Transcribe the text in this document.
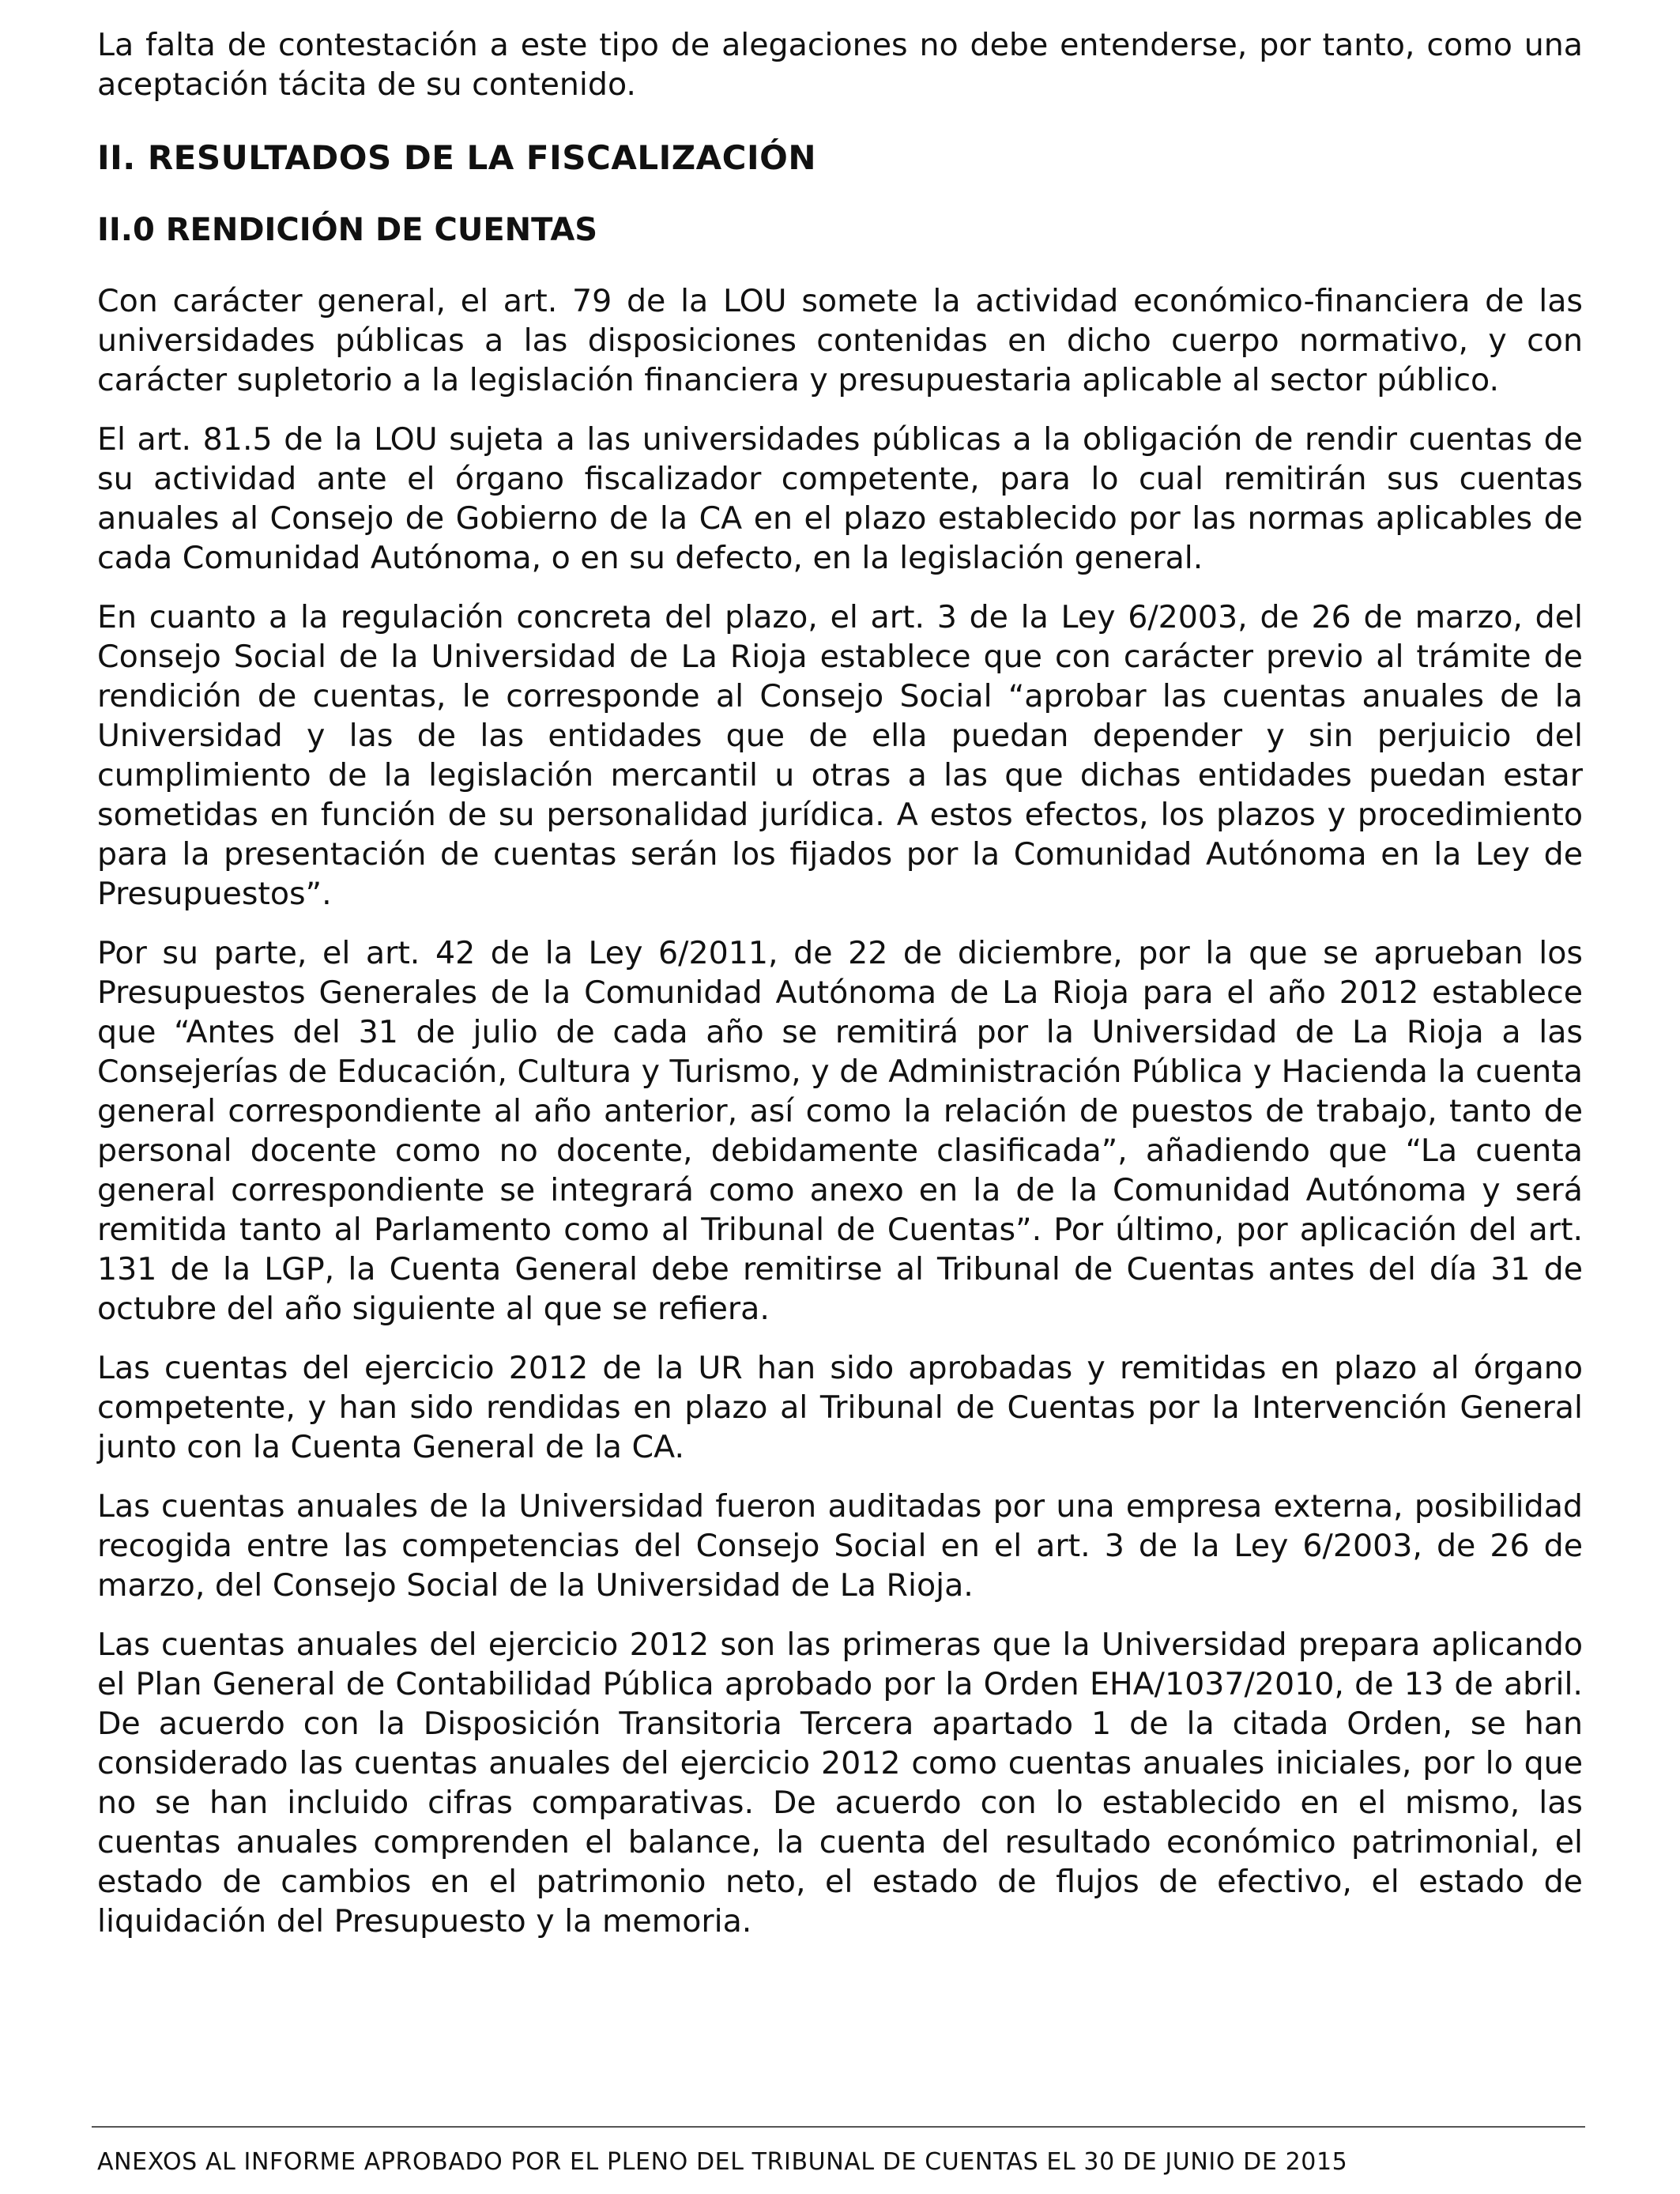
La falta de contestación a este tipo de alegaciones no debe entenderse, por tanto, como una aceptación tácita de su contenido.

II. RESULTADOS DE LA FISCALIZACIÓN
II.0 RENDICIÓN DE CUENTAS

Con carácter general, el art. 79 de la LOU somete la actividad económico-financiera de las universidades públicas a las disposiciones contenidas en dicho cuerpo normativo, y con carácter supletorio a la legislación financiera y presupuestaria aplicable al sector público.

El art. 81.5 de la LOU sujeta a las universidades públicas a la obligación de rendir cuentas de su actividad ante el órgano fiscalizador competente, para lo cual remitirán sus cuentas anuales al Consejo de Gobierno de la CA en el plazo establecido por las normas aplicables de cada Comunidad Autónoma, o en su defecto, en la legislación general.

En cuanto a la regulación concreta del plazo, el art. 3 de la Ley 6/2003, de 26 de marzo, del Consejo Social de la Universidad de La Rioja establece que con carácter previo al trámite de rendición de cuentas, le corresponde al Consejo Social “aprobar las cuentas anuales de la Universidad y las de las entidades que de ella puedan depender y sin perjuicio del cumplimiento de la legislación mercantil u otras a las que dichas entidades puedan estar sometidas en función de su personalidad jurídica. A estos efectos, los plazos y procedimiento para la presentación de cuentas serán los fijados por la Comunidad Autónoma en la Ley de Presupuestos”.

Por su parte, el art. 42 de la Ley 6/2011, de 22 de diciembre, por la que se aprueban los Presupuestos Generales de la Comunidad Autónoma de La Rioja para el año 2012 establece que “Antes del 31 de julio de cada año se remitirá por la Universidad de La Rioja a las Consejerías de Educación, Cultura y Turismo, y de Administración Pública y Hacienda la cuenta general correspondiente al año anterior, así como la relación de puestos de trabajo, tanto de personal docente como no docente, debidamente clasificada”, añadiendo que “La cuenta general correspondiente se integrará como anexo en la de la Comunidad Autónoma y será remitida tanto al Parlamento como al Tribunal de Cuentas”. Por último, por aplicación del art. 131 de la LGP, la Cuenta General debe remitirse al Tribunal de Cuentas antes del día 31 de octubre del año siguiente al que se refiera.

Las cuentas del ejercicio 2012 de la UR han sido aprobadas y remitidas en plazo al órgano competente, y han sido rendidas en plazo al Tribunal de Cuentas por la Intervención General junto con la Cuenta General de la CA.

Las cuentas anuales de la Universidad fueron auditadas por una empresa externa, posibilidad recogida entre las competencias del Consejo Social en el art. 3 de la Ley 6/2003, de 26 de marzo, del Consejo Social de la Universidad de La Rioja.

Las cuentas anuales del ejercicio 2012 son las primeras que la Universidad prepara aplicando el Plan General de Contabilidad Pública aprobado por la Orden EHA/1037/2010, de 13 de abril. De acuerdo con la Disposición Transitoria Tercera apartado 1 de la citada Orden, se han considerado las cuentas anuales del ejercicio 2012 como cuentas anuales iniciales, por lo que no se han incluido cifras comparativas. De acuerdo con lo establecido en el mismo, las cuentas anuales comprenden el balance, la cuenta del resultado económico patrimonial, el estado de cambios en el patrimonio neto, el estado de flujos de efectivo, el estado de liquidación del Presupuesto y la memoria.

ANEXOS AL INFORME APROBADO POR EL PLENO DEL TRIBUNAL DE CUENTAS EL 30 DE JUNIO DE 2015
